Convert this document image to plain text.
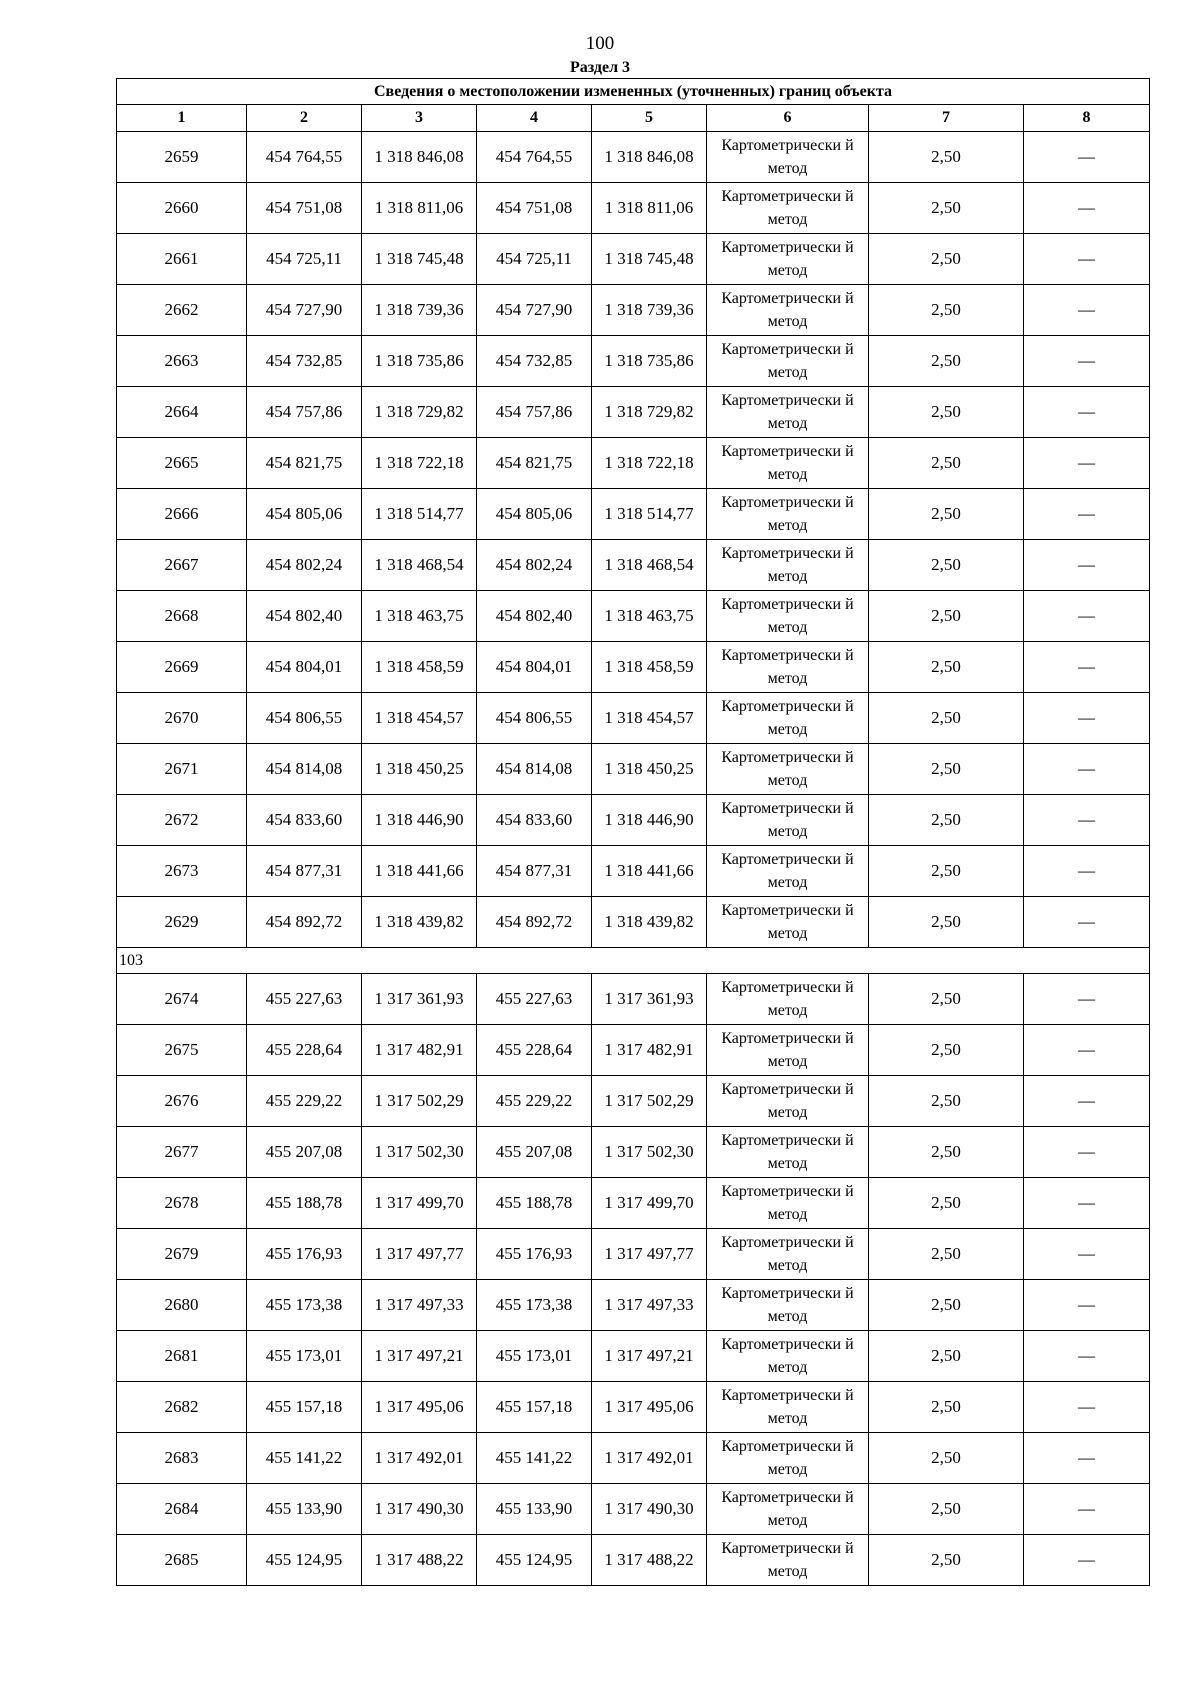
100
Раздел 3
Сведения о местоположении измененных (уточненных) границ объекта							
1	2	3	4	5	6	7	8
2659	454 764,55	1 318 846,08	454 764,55	1 318 846,08	Картометрически й метод	2,50	—
2660	454 751,08	1 318 811,06	454 751,08	1 318 811,06	Картометрически й метод	2,50	—
2661	454 725,11	1 318 745,48	454 725,11	1 318 745,48	Картометрически й метод	2,50	—
2662	454 727,90	1 318 739,36	454 727,90	1 318 739,36	Картометрически й метод	2,50	—
2663	454 732,85	1 318 735,86	454 732,85	1 318 735,86	Картометрически й метод	2,50	—
2664	454 757,86	1 318 729,82	454 757,86	1 318 729,82	Картометрически й метод	2,50	—
2665	454 821,75	1 318 722,18	454 821,75	1 318 722,18	Картометрически й метод	2,50	—
2666	454 805,06	1 318 514,77	454 805,06	1 318 514,77	Картометрически й метод	2,50	—
2667	454 802,24	1 318 468,54	454 802,24	1 318 468,54	Картометрически й метод	2,50	—
2668	454 802,40	1 318 463,75	454 802,40	1 318 463,75	Картометрически й метод	2,50	—
2669	454 804,01	1 318 458,59	454 804,01	1 318 458,59	Картометрически й метод	2,50	—
2670	454 806,55	1 318 454,57	454 806,55	1 318 454,57	Картометрически й метод	2,50	—
2671	454 814,08	1 318 450,25	454 814,08	1 318 450,25	Картометрически й метод	2,50	—
2672	454 833,60	1 318 446,90	454 833,60	1 318 446,90	Картометрически й метод	2,50	—
2673	454 877,31	1 318 441,66	454 877,31	1 318 441,66	Картометрически й метод	2,50	—
2629	454 892,72	1 318 439,82	454 892,72	1 318 439,82	Картометрически й метод	2,50	—
103							
2674	455 227,63	1 317 361,93	455 227,63	1 317 361,93	Картометрически й метод	2,50	—
2675	455 228,64	1 317 482,91	455 228,64	1 317 482,91	Картометрически й метод	2,50	—
2676	455 229,22	1 317 502,29	455 229,22	1 317 502,29	Картометрически й метод	2,50	—
2677	455 207,08	1 317 502,30	455 207,08	1 317 502,30	Картометрически й метод	2,50	—
2678	455 188,78	1 317 499,70	455 188,78	1 317 499,70	Картометрически й метод	2,50	—
2679	455 176,93	1 317 497,77	455 176,93	1 317 497,77	Картометрически й метод	2,50	—
2680	455 173,38	1 317 497,33	455 173,38	1 317 497,33	Картометрически й метод	2,50	—
2681	455 173,01	1 317 497,21	455 173,01	1 317 497,21	Картометрически й метод	2,50	—
2682	455 157,18	1 317 495,06	455 157,18	1 317 495,06	Картометрически й метод	2,50	—
2683	455 141,22	1 317 492,01	455 141,22	1 317 492,01	Картометрически й метод	2,50	—
2684	455 133,90	1 317 490,30	455 133,90	1 317 490,30	Картометрически й метод	2,50	—
2685	455 124,95	1 317 488,22	455 124,95	1 317 488,22	Картометрически й метод	2,50	—
